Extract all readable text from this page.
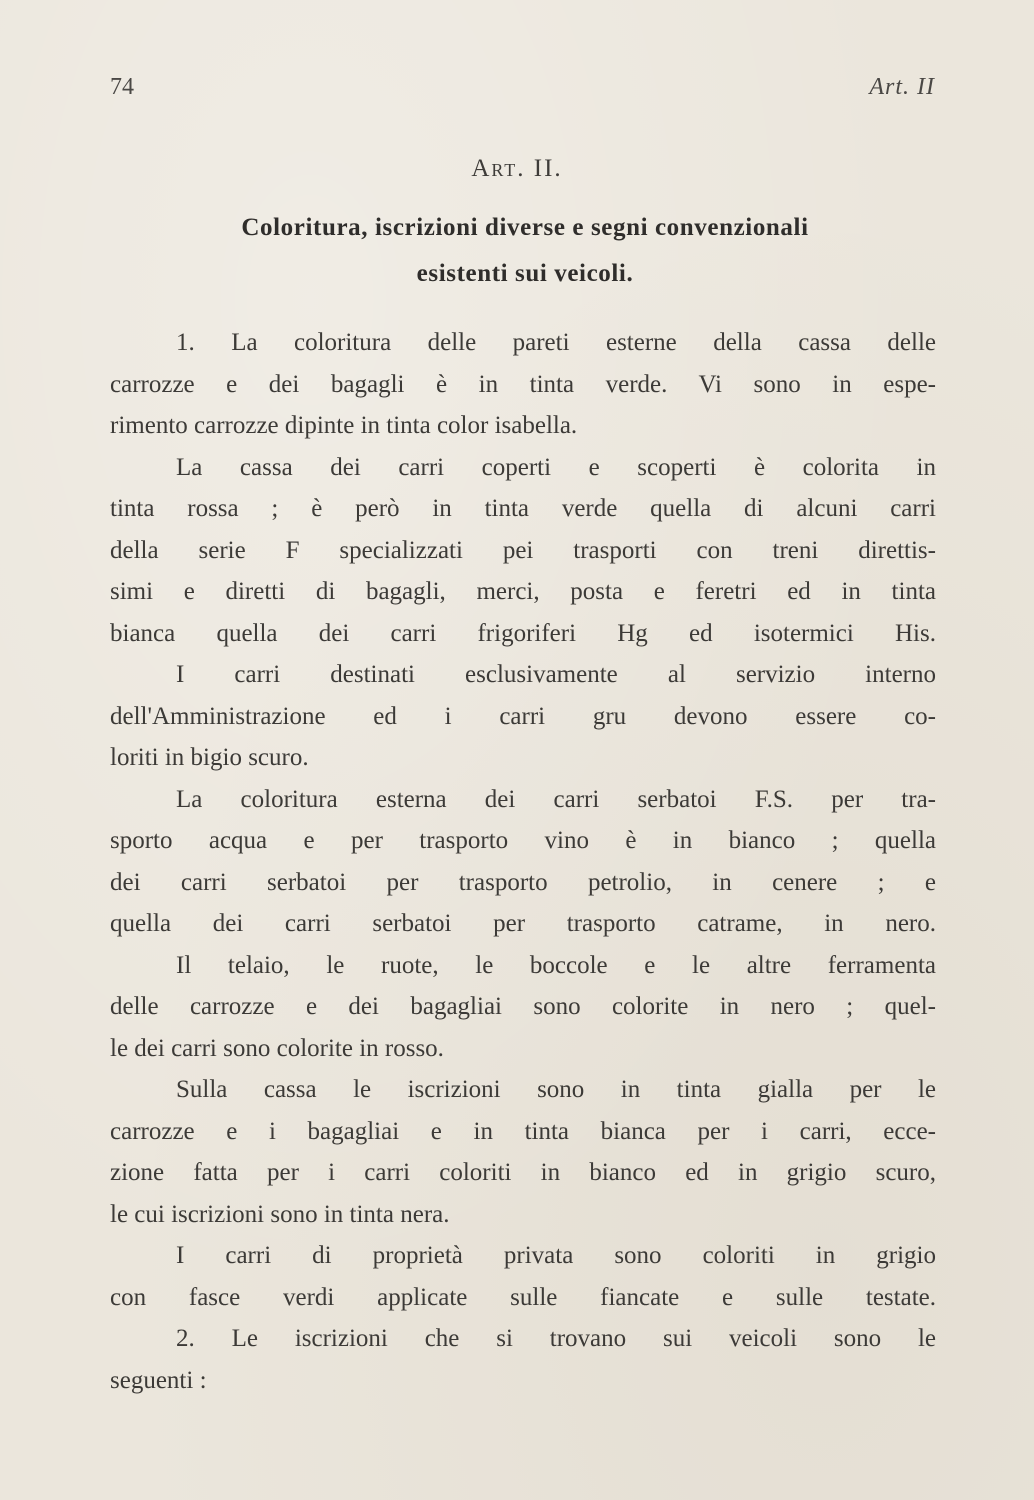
74	Art. II
Art. II.
Coloritura, iscrizioni diverse e segni convenzionali
esistenti sui veicoli.
1. La coloritura delle pareti esterne della cassa delle
carrozze e dei bagagli è in tinta verde. Vi sono in espe-
rimento carrozze dipinte in tinta color isabella.
La cassa dei carri coperti e scoperti è colorita in
tinta rossa ; è però in tinta verde quella di alcuni carri
della serie F specializzati pei trasporti con treni direttis-
simi e diretti di bagagli, merci, posta e feretri ed in tinta
bianca quella dei carri frigoriferi Hg ed isotermici His.
I carri destinati esclusivamente al servizio interno
dell'Amministrazione ed i carri gru devono essere co-
loriti in bigio scuro.
La coloritura esterna dei carri serbatoi F.S. per tra-
sporto acqua e per trasporto vino è in bianco ; quella
dei carri serbatoi per trasporto petrolio, in cenere ; e
quella dei carri serbatoi per trasporto catrame, in nero.
Il telaio, le ruote, le boccole e le altre ferramenta
delle carrozze e dei bagagliai sono colorite in nero ; quel-
le dei carri sono colorite in rosso.
Sulla cassa le iscrizioni sono in tinta gialla per le
carrozze e i bagagliai e in tinta bianca per i carri, ecce-
zione fatta per i carri coloriti in bianco ed in grigio scuro,
le cui iscrizioni sono in tinta nera.
I carri di proprietà privata sono coloriti in grigio
con fasce verdi applicate sulle fiancate e sulle testate.
2. Le iscrizioni che si trovano sui veicoli sono le
seguenti :
